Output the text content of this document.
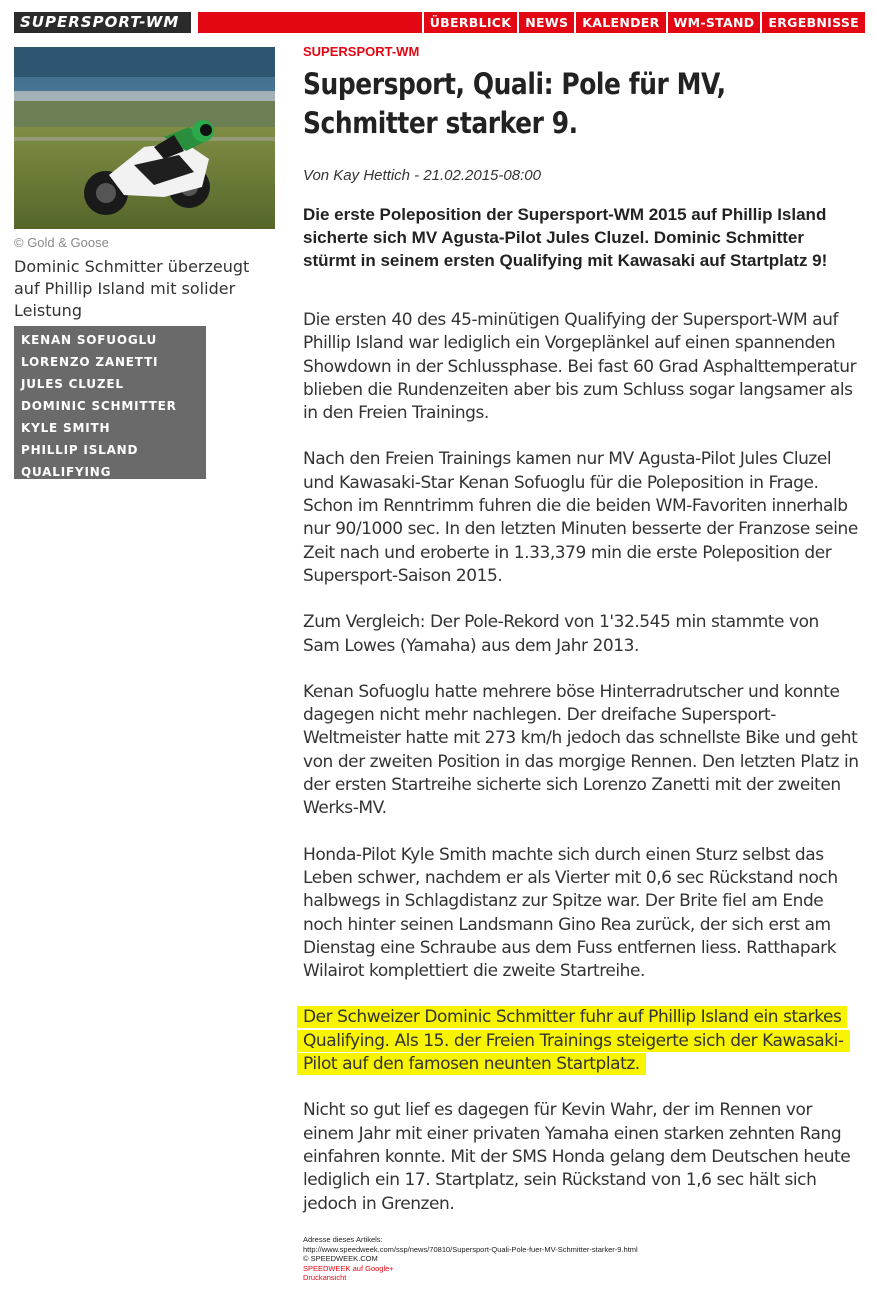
SUPERSPORT-WM	ÜBERBLICK	NEWS	KALENDER	WM-STAND	ERGEBNISSE
© Gold & Goose
Dominic Schmitter überzeugt auf Phillip Island mit solider Leistung
KENAN SOFUOGLU
LORENZO ZANETTI
JULES CLUZEL
DOMINIC SCHMITTER
KYLE SMITH
PHILLIP ISLAND
QUALIFYING
SUPERSPORT-WM
Supersport, Quali: Pole für MV, Schmitter starker 9.
Von Kay Hettich - 21.02.2015-08:00
Die erste Poleposition der Supersport-WM 2015 auf Phillip Island sicherte sich MV Agusta-Pilot Jules Cluzel. Dominic Schmitter stürmt in seinem ersten Qualifying mit Kawasaki auf Startplatz 9!

Die ersten 40 des 45-minütigen Qualifying der Supersport-WM auf Phillip Island war lediglich ein Vorgeplänkel auf einen spannenden Showdown in der Schlussphase. Bei fast 60 Grad Asphalttemperatur blieben die Rundenzeiten aber bis zum Schluss sogar langsamer als in den Freien Trainings.

Nach den Freien Trainings kamen nur MV Agusta-Pilot Jules Cluzel und Kawasaki-Star Kenan Sofuoglu für die Poleposition in Frage. Schon im Renntrimm fuhren die die beiden WM-Favoriten innerhalb nur 90/1000 sec. In den letzten Minuten besserte der Franzose seine Zeit nach und eroberte in 1.33,379 min die erste Poleposition der Supersport-Saison 2015.

Zum Vergleich: Der Pole-Rekord von 1'32.545 min stammte von Sam Lowes (Yamaha) aus dem Jahr 2013.

Kenan Sofuoglu hatte mehrere böse Hinterradrutscher und konnte dagegen nicht mehr nachlegen. Der dreifache Supersport-Weltmeister hatte mit 273 km/h jedoch das schnellste Bike und geht von der zweiten Position in das morgige Rennen. Den letzten Platz in der ersten Startreihe sicherte sich Lorenzo Zanetti mit der zweiten Werks-MV.

Honda-Pilot Kyle Smith machte sich durch einen Sturz selbst das Leben schwer, nachdem er als Vierter mit 0,6 sec Rückstand noch halbwegs in Schlagdistanz zur Spitze war. Der Brite fiel am Ende noch hinter seinen Landsmann Gino Rea zurück, der sich erst am Dienstag eine Schraube aus dem Fuss entfernen liess. Ratthapark Wilairot komplettiert die zweite Startreihe.

Der Schweizer Dominic Schmitter fuhr auf Phillip Island ein starkes Qualifying. Als 15. der Freien Trainings steigerte sich der Kawasaki-Pilot auf den famosen neunten Startplatz.

Nicht so gut lief es dagegen für Kevin Wahr, der im Rennen vor einem Jahr mit einer privaten Yamaha einen starken zehnten Rang einfahren konnte. Mit der SMS Honda gelang dem Deutschen heute lediglich ein 17. Startplatz, sein Rückstand von 1,6 sec hält sich jedoch in Grenzen.

Adresse dieses Artikels:
http://www.speedweek.com/ssp/news/70810/Supersport-Quali-Pole-fuer-MV-Schmitter-starker-9.html
© SPEEDWEEK.COM
SPEEDWEEK auf Google+
Druckansicht
